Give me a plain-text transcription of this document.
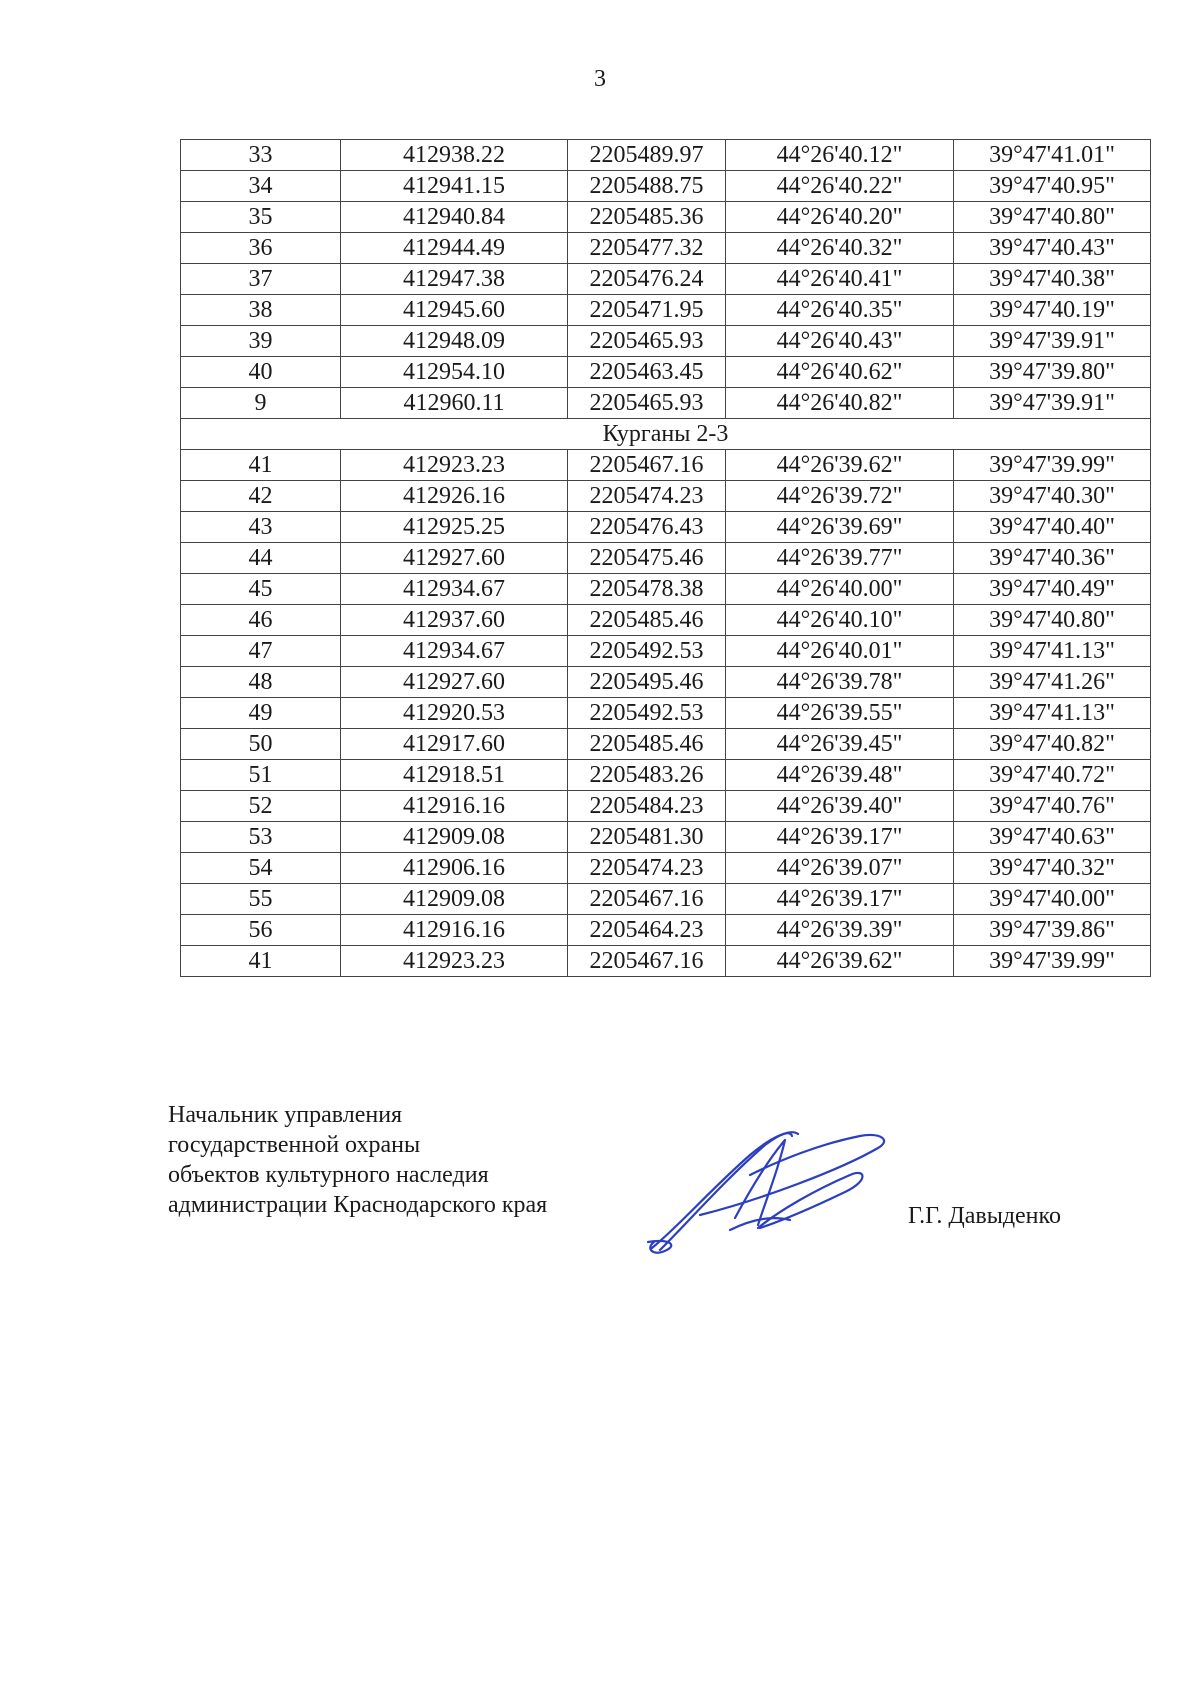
3
33	412938.22	2205489.97	44°26'40.12"	39°47'41.01"
34	412941.15	2205488.75	44°26'40.22"	39°47'40.95"
35	412940.84	2205485.36	44°26'40.20"	39°47'40.80"
36	412944.49	2205477.32	44°26'40.32"	39°47'40.43"
37	412947.38	2205476.24	44°26'40.41"	39°47'40.38"
38	412945.60	2205471.95	44°26'40.35"	39°47'40.19"
39	412948.09	2205465.93	44°26'40.43"	39°47'39.91"
40	412954.10	2205463.45	44°26'40.62"	39°47'39.80"
9	412960.11	2205465.93	44°26'40.82"	39°47'39.91"
Курганы 2-3				
41	412923.23	2205467.16	44°26'39.62"	39°47'39.99"
42	412926.16	2205474.23	44°26'39.72"	39°47'40.30"
43	412925.25	2205476.43	44°26'39.69"	39°47'40.40"
44	412927.60	2205475.46	44°26'39.77"	39°47'40.36"
45	412934.67	2205478.38	44°26'40.00"	39°47'40.49"
46	412937.60	2205485.46	44°26'40.10"	39°47'40.80"
47	412934.67	2205492.53	44°26'40.01"	39°47'41.13"
48	412927.60	2205495.46	44°26'39.78"	39°47'41.26"
49	412920.53	2205492.53	44°26'39.55"	39°47'41.13"
50	412917.60	2205485.46	44°26'39.45"	39°47'40.82"
51	412918.51	2205483.26	44°26'39.48"	39°47'40.72"
52	412916.16	2205484.23	44°26'39.40"	39°47'40.76"
53	412909.08	2205481.30	44°26'39.17"	39°47'40.63"
54	412906.16	2205474.23	44°26'39.07"	39°47'40.32"
55	412909.08	2205467.16	44°26'39.17"	39°47'40.00"
56	412916.16	2205464.23	44°26'39.39"	39°47'39.86"
41	412923.23	2205467.16	44°26'39.62"	39°47'39.99"
Начальник управления
государственной охраны
объектов культурного наследия
администрации Краснодарского края	Г.Г. Давыденко
